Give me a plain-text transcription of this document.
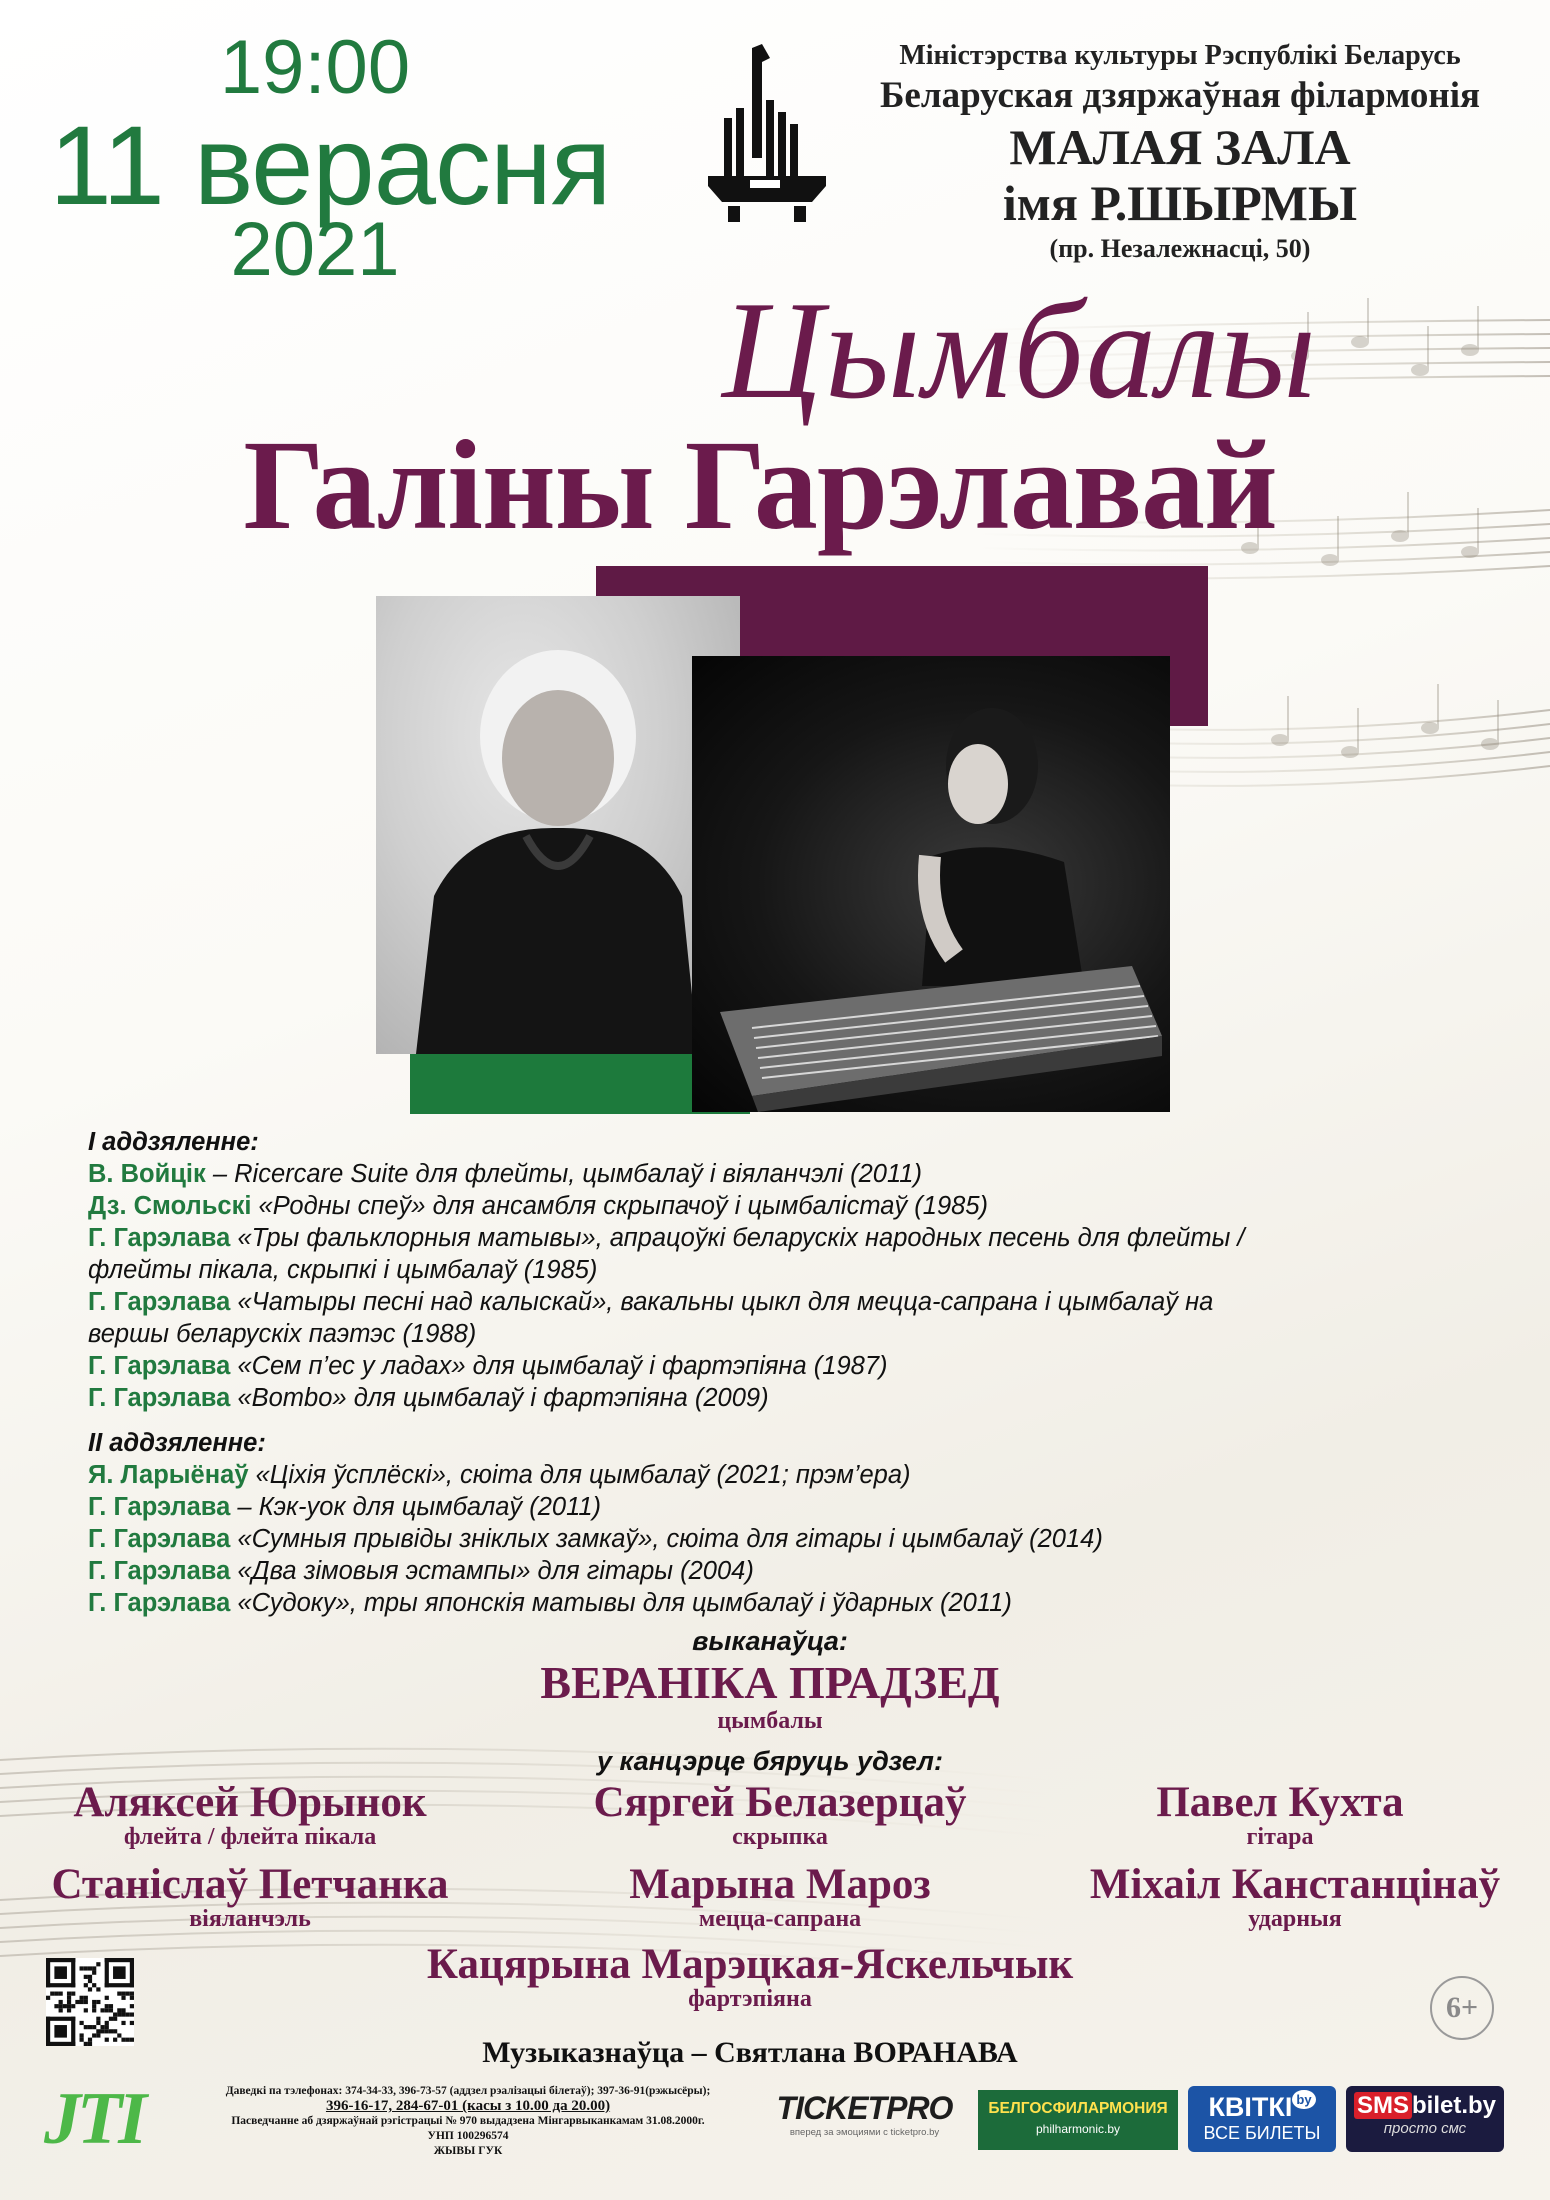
19:00
11 верасня
2021
Міністэрства культуры Рэспублікі Беларусь
Беларуская дзяржаўная філармонія
МАЛАЯ ЗАЛА
імя Р.ШЫРМЫ
(пр. Незалежнасці, 50)
Цымбалы
Галіны Гарэлавай
I аддзяленне:
В. Войцік – Ricercare Suite для флейты, цымбалаў і віяланчэлі (2011)
Дз. Смольскі «Родны спеў» для ансамбля скрыпачоў і цымбалістаў (1985)
Г. Гарэлава «Тры фальклорныя матывы», апрацоўкі беларускіх народных песень для флейты /
флейты пікала, скрыпкі і цымбалаў (1985)
Г. Гарэлава «Чатыры песні над калыскай», вакальны цыкл для меццa-сапрана і цымбалаў на
вершы беларускіх паэтэс (1988)
Г. Гарэлава «Сем п’ес у ладах» для цымбалаў і фартэпіяна (1987)
Г. Гарэлава «Bombo» для цымбалаў і фартэпіяна (2009)
II аддзяленне:
Я. Ларыёнаў «Ціхія ўсплёскі», сюіта для цымбалаў (2021; прэм’ера)
Г. Гарэлава – Кэк-уок для цымбалаў (2011)
Г. Гарэлава «Сумныя прывіды зніклых замкаў», сюіта для гітары і цымбалаў (2014)
Г. Гарэлава «Два зімовыя эстампы» для гітары (2004)
Г. Гарэлава «Судоку», тры японскія матывы для цымбалаў і ўдарных (2011)
выканаўца:
ВЕРАНІКА ПРАДЗЕД
цымбалы
у канцэрце бяруць удзел:
Аляксей Юрынок
флейта / флейта пікала
Сяргей Белазерцаў
скрыпка
Павел Кухта
гітара
Станіслаў Петчанка
віяланчэль
Марына Мароз
мецца-сапрана
Міхаіл Канстанцінаў
ударныя
Кацярына Марэцкая-Яскельчык
фартэпіяна	6+
Музыказнаўца – Святлана ВОРАНАВА
JTI	Даведкі па тэлефонах: 374-34-33, 396-73-57 (аддзел рэалізацыі білетаў); 397-36-91(рэжысёры);
396-16-17, 284-67-01 (касы з 10.00 да 20.00)
Пасведчанне аб дзяржаўнай рэгістрацыі № 970 выдадзена Мінгарвыканкамам 31.08.2000г.
УНП 100296574
ЖЫВЫ ГУК
TICKETPRO
вперед за эмоциями с ticketpro.by
БЕЛГОСФИЛАРМОНИЯ
philharmonic.by
КВІТКІ $^{by}$
ВСЕ БИЛЕТЫ
SMS bilet.by
просто смс
